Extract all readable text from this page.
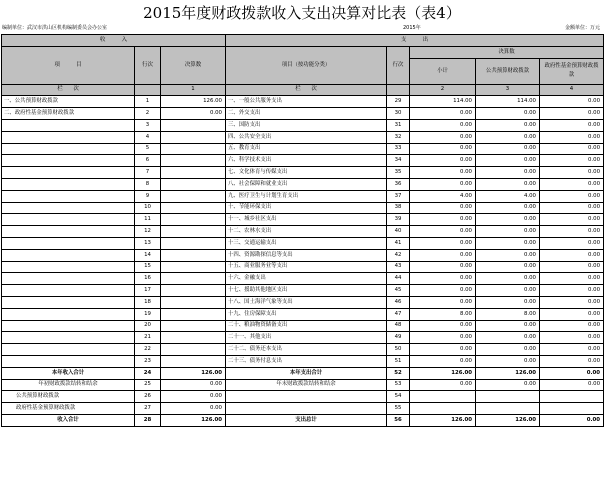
2015年度财政拨款收入支出决算对比表（表4）
编制单位：武汉市洪山区机构编制委员会办公室	2015年	金额单位：万元
收　　　入			支　　　出				
项　　　目	行次	决算数	项目（按功能分类）	行次	决算数		
					小计	公共预算财政拨款	政府性基金预算财政拨款
栏　　次		1	栏　　次		2	3	4
一、公共预算财政拨款	1	126.00	一、一般公共服务支出	29	114.00	114.00	0.00
二、政府性基金预算财政拨款	2	0.00	二、外交支出	30	0.00	0.00	0.00
	3		三、国防支出	31	0.00	0.00	0.00
	4		四、公共安全支出	32	0.00	0.00	0.00
	5		五、教育支出	33	0.00	0.00	0.00
	6		六、科学技术支出	34	0.00	0.00	0.00
	7		七、文化体育与传媒支出	35	0.00	0.00	0.00
	8		八、社会保障和就业支出	36	0.00	0.00	0.00
	9		九、医疗卫生与计划生育支出	37	4.00	4.00	0.00
	10		十、节能环保支出	38	0.00	0.00	0.00
	11		十一、城乡社区支出	39	0.00	0.00	0.00
	12		十二、农林水支出	40	0.00	0.00	0.00
	13		十三、交通运输支出	41	0.00	0.00	0.00
	14		十四、资源勘探信息等支出	42	0.00	0.00	0.00
	15		十五、商业服务业等支出	43	0.00	0.00	0.00
	16		十六、金融支出	44	0.00	0.00	0.00
	17		十七、援助其他地区支出	45	0.00	0.00	0.00
	18		十八、国土海洋气象等支出	46	0.00	0.00	0.00
	19		十九、住房保障支出	47	8.00	8.00	0.00
	20		二十、粮油物资储备支出	48	0.00	0.00	0.00
	21		二十一、其他支出	49	0.00	0.00	0.00
	22		二十二、债务还本支出	50	0.00	0.00	0.00
	23		二十三、债务付息支出	51	0.00	0.00	0.00
本年收入合计	24	126.00	本年支出合计	52	126.00	126.00	0.00
年初财政拨款结转和结余	25	0.00	年末财政拨款结转和结余	53	0.00	0.00	0.00
公共预算财政拨款	26	0.00		54			
政府性基金预算财政拨款	27	0.00		55			
收入合计	28	126.00	支出总计	56	126.00	126.00	0.00
